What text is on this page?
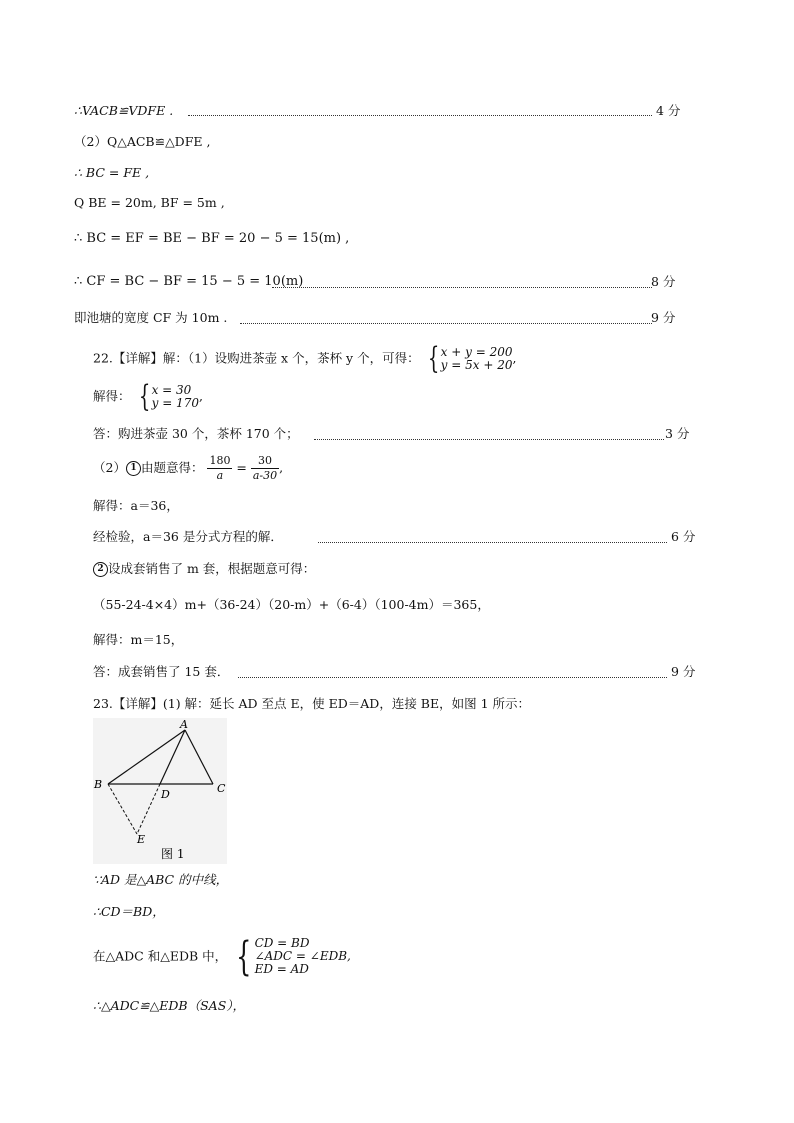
∴VACB≌VDFE .	4 分
（2）Q△ACB≌△DFE ,
∴ BC = FE ,
Q BE = 20m, BF = 5m ,
∴ BC = EF = BE − BF = 20 − 5 = 15(m) ,
∴ CF = BC − BF = 15 − 5 = 10(m)	8 分
即池塘的宽度 CF 为 10m .	9 分
22.【详解】解：（1）设购进茶壶 x 个，茶杯 y 个，可得： { x + y = 200
y = 5x + 20 ,
解得： { x = 30
y = 170 ,
答：购进茶壶 30 个，茶杯 170 个；	3 分
（2） 1 由题意得： $\frac{180}{a} = \frac{30}{a-30}$ ,
解得：a＝36，
经检验，a＝36 是分式方程的解．	6 分
2 设成套销售了 m 套，根据题意可得：
（55-24-4×4）m+（36-24）（20-m）+（6-4）（100-4m）＝365，
解得：m＝15，
答：成套销售了 15 套．	9 分
23.【详解】(1) 解：延长 AD 至点 E，使 ED＝AD，连接 BE，如图 1 所示：
A
B	C
D
E
图 1
∵AD 是△ABC 的中线，
∴CD＝BD，
在△ADC 和△EDB 中， { CD = BD
∠ADC = ∠EDB,
ED = AD
∴△ADC≌△EDB（SAS），
